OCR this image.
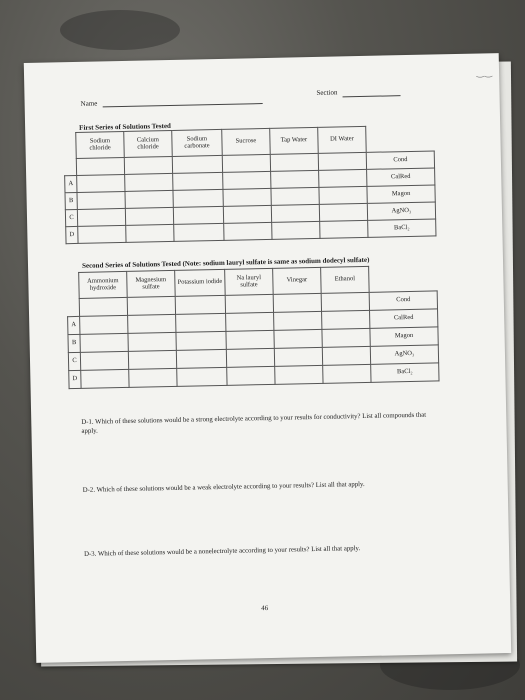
‿‿
Name
Section
First Series of Solutions Tested
	Sodium chloride	Calcium chloride	Sodium carbonate	Sucrose	Tap Water	DI Water	
							Cond
A							CalRed
B							Magon
C							AgNO₃
D							BaCl₂
Second Series of Solutions Tested (Note: sodium lauryl sulfate is same as sodium dodecyl sulfate)
	Ammonium hydroxide	Magnesium sulfate	Potassium iodide	Na lauryl sulfate	Vinegar	Ethanol	
							Cond
A							CalRed
B							Magon
C							AgNO₃
D							BaCl₂
D-1. Which of these solutions would be a strong electrolyte according to your results for conductivity? List all compounds that apply.
D-2. Which of these solutions would be a weak electrolyte according to your results? List all that apply.
D-3. Which of these solutions would be a nonelectrolyte according to your results? List all that apply.
46
